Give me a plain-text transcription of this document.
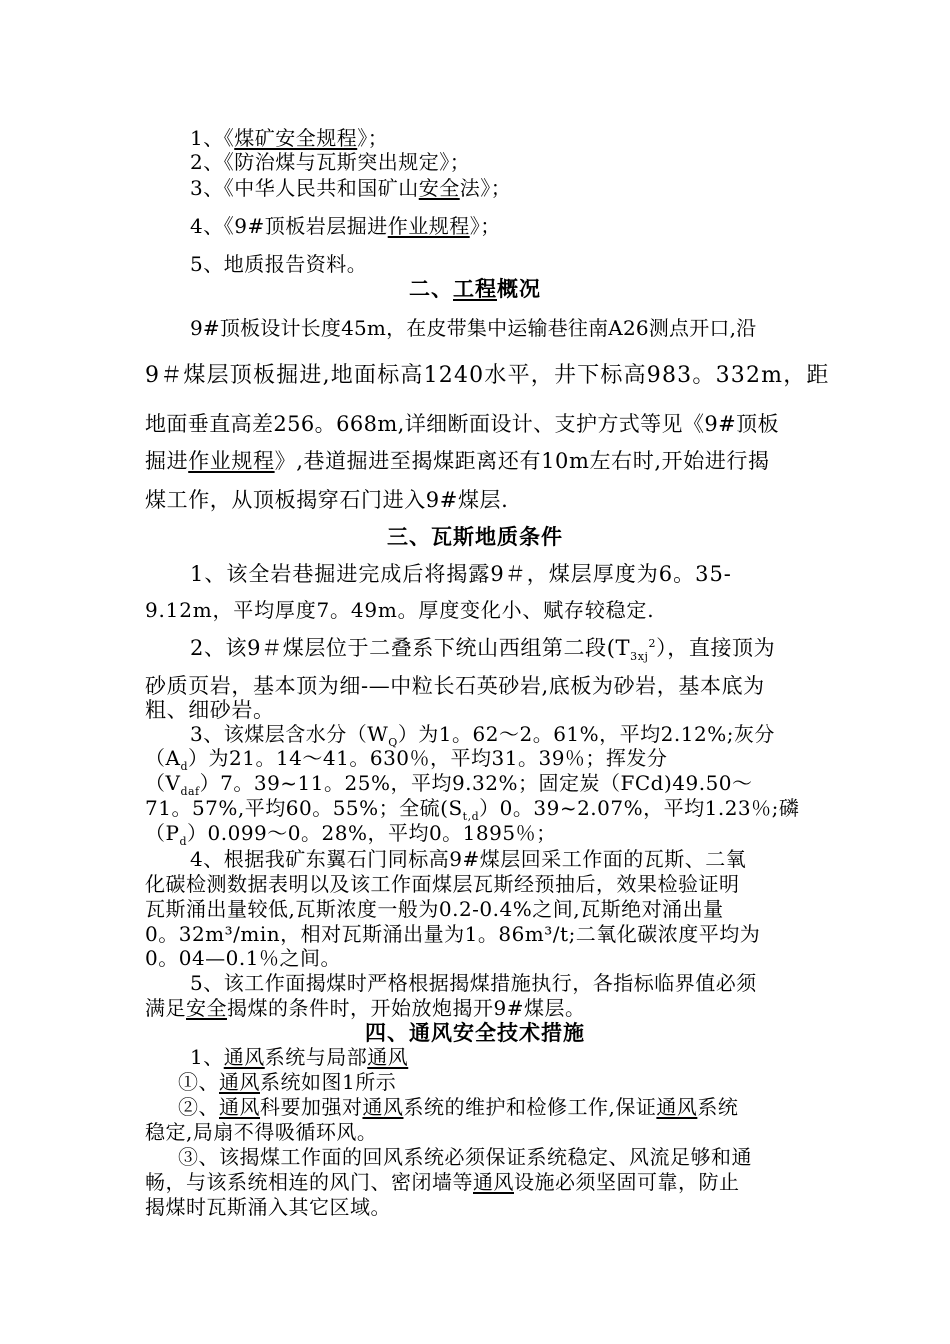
1、《煤矿安全规程》；
2、《防治煤与瓦斯突出规定》；
3、《中华人民共和国矿山安全法》；
4、《9#顶板岩层掘进作业规程》；
5、地质报告资料。
二、工程概况
9#顶板设计长度45m，在皮带集中运输巷往南A26测点开口,沿
9＃煤层顶板掘进,地面标高1240水平，井下标高983。332m，距
地面垂直高差256。668m,详细断面设计、支护方式等见《9#顶板
掘进作业规程》,巷道掘进至揭煤距离还有10m左右时,开始进行揭
煤工作，从顶板揭穿石门进入9#煤层.
三、瓦斯地质条件
1、该全岩巷掘进完成后将揭露9＃，煤层厚度为6。35-
9.12m，平均厚度7。49m。厚度变化小、赋存较稳定.
2、该9＃煤层位于二叠系下统山西组第二段$(T_{3xj}^2)$，直接顶为
砂质页岩，基本顶为细-—中粒长石英砂岩,底板为砂岩，基本底为
粗、细砂岩。
3、该煤层含水分$(W_Q)$为1。62～2。61%，平均2.12%;灰分
$(A_d)$为21。14～41。630％，平均31。39％；挥发分
$(V_{daf})7$。39~11。25%，平均9.32%；固定炭（FCd)49.50～
71。57%,平均60。55%；全硫$(S_{t,d})0$。39~2.07%，平均1.23％;磷
$(P_d)0.099\sim 0$。28%，平均0。1895％；
4、根据我矿东翼石门同标高9#煤层回采工作面的瓦斯、二氧
化碳检测数据表明以及该工作面煤层瓦斯经预抽后，效果检验证明
瓦斯涌出量较低,瓦斯浓度一般为0.2-0.4%之间,瓦斯绝对涌出量
0。32m³/min，相对瓦斯涌出量为1。86m³/t;二氧化碳浓度平均为
0。04—0.1％之间。
5、该工作面揭煤时严格根据揭煤措施执行，各指标临界值必须
满足安全揭煤的条件时，开始放炮揭开9#煤层。
四、通风安全技术措施
1、通风系统与局部通风
①、通风系统如图1所示
②、通风科要加强对通风系统的维护和检修工作,保证通风系统
稳定,局扇不得吸循环风。
③、该揭煤工作面的回风系统必须保证系统稳定、风流足够和通
畅，与该系统相连的风门、密闭墙等通风设施必须坚固可靠，防止
揭煤时瓦斯涌入其它区域。
